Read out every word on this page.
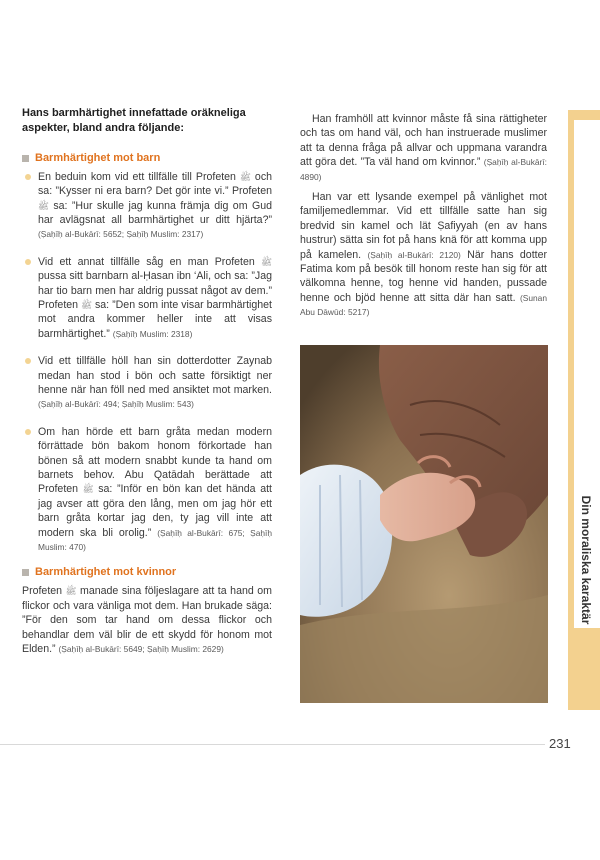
Hans barmhärtighet innefattade oräkneliga aspekter, bland andra följande:

Barmhärtighet mot barn
En beduin kom vid ett tillfälle till Profeten ﷺ och sa: ”Kysser ni era barn? Det gör inte vi.” Profeten ﷺ sa: ”Hur skulle jag kunna främja dig om Gud har avlägsnat all barmhärtighet ur ditt hjärta?” (Ṣaḥīḥ al-Bukārī: 5652; Ṣaḥīḥ Muslim: 2317)
Vid ett annat tillfälle såg en man Profeten ﷺ pussa sitt barnbarn al-Ḥasan ibn ‘Ali, och sa: ”Jag har tio barn men har aldrig pussat något av dem.” Profeten ﷺ sa: ”Den som inte visar barmhärtighet mot andra kommer heller inte att visas barmhärtighet.” (Ṣaḥīḥ Muslim: 2318)
Vid ett tillfälle höll han sin dotterdotter Zaynab medan han stod i bön och satte försiktigt ner henne när han föll ned med ansiktet mot marken. (Ṣaḥīḥ al-Bukārī: 494; Ṣaḥīḥ Muslim: 543)
Om han hörde ett barn gråta medan modern förrättade bön bakom honom förkortade han bönen så att modern snabbt kunde ta hand om barnets behov. Abu Qatādah berättade att Profeten ﷺ sa: ”Inför en bön kan det hända att jag avser att göra den lång, men om jag hör ett barn gråta kortar jag den, ty jag vill inte att modern ska bli orolig.” (Ṣaḥīḥ al-Bukārī: 675; Ṣaḥīḥ Muslim: 470)
Barmhärtighet mot kvinnor

Profeten ﷺ manade sina följeslagare att ta hand om flickor och vara vänliga mot dem. Han brukade säga: ”För den som tar hand om dessa flickor och behandlar dem väl blir de ett skydd för honom mot Elden.” (Ṣaḥīḥ al-Bukārī: 5649; Ṣaḥīḥ Muslim: 2629)

Han framhöll att kvinnor måste få sina rättigheter och tas om hand väl, och han instruerade muslimer att ta denna fråga på allvar och uppmana varandra att göra det. ”Ta väl hand om kvinnor.” (Ṣaḥīḥ al-Bukārī: 4890)

Han var ett lysande exempel på vänlighet mot familjemedlemmar. Vid ett tillfälle satte han sig bredvid sin kamel och lät Ṣafiyyah (en av hans hustrur) sätta sin fot på hans knä för att komma upp på kamelen. (Ṣaḥīḥ al-Bukārī: 2120) När hans dotter Fatima kom på besök till honom reste han sig för att välkomna henne, tog henne vid handen, pussade henne och bjöd henne att sitta där han satt. (Sunan Abu Dāwūd: 5217)

Din moraliska karaktär
231
